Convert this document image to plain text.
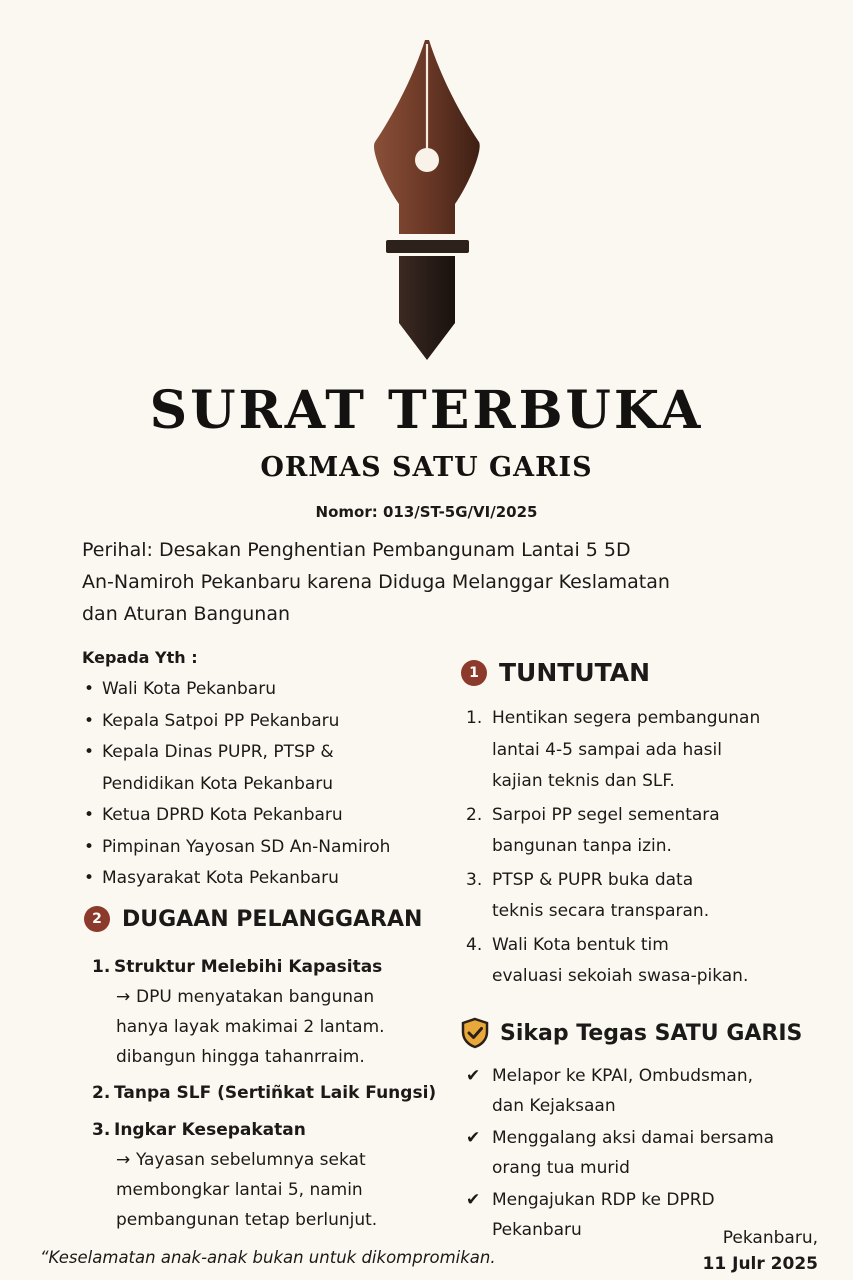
SURAT TERBUKA
ORMAS SATU GARIS
Nomor: 013/ST-5G/VI/2025
Perihal: Desakan Penghentian Pembangunam Lantai 5 5D
An-Namiroh Pekanbaru karena Diduga Melanggar Keslamatan
dan Aturan Bangunan
Kepada Yth :
• Wali Kota Pekanbaru
• Kepala Satpoi PP Pekanbaru
• Kepala Dinas PUPR, PTSP &
Pendidikan Kota Pekanbaru
• Ketua DPRD Kota Pekanbaru
• Pimpinan Yayosan SD An-Namiroh
• Masyarakat Kota Pekanbaru
2 DUGAAN PELANGGARAN
1. Struktur Melebihi Kapasitas
→ DPU menyatakan bangunan
hanya layak makimai 2 lantam.
dibangun hingga tahanrraim.
2. Tanpa SLF (Sertiñkat Laik Fungsi)
3. Ingkar Kesepakatan
→ Yayasan sebelumnya sekat
membongkar lantai 5, namin
pembangunan tetap berlunjut.
1 TUNTUTAN
1. Hentikan segera pembangunan
lantai 4-5 sampai ada hasil
kajian teknis dan SLF.
2. Sarpoi PP segel sementara
bangunan tanpa izin.
3. PTSP & PUPR buka data
teknis secara transparan.
4. Wali Kota bentuk tim
evaluasi sekoiah swasa-pikan.
Sikap Tegas SATU GARIS
✔ Melapor ke KPAI, Ombudsman,
dan Kejaksaan
✔ Menggalang aksi damai bersama
orang tua murid
✔ Mengajukan RDP ke DPRD
Pekanbaru
“Keselamatan anak-anak bukan untuk dikompromikan.
Pekanbaru,
11 Julr 2025
